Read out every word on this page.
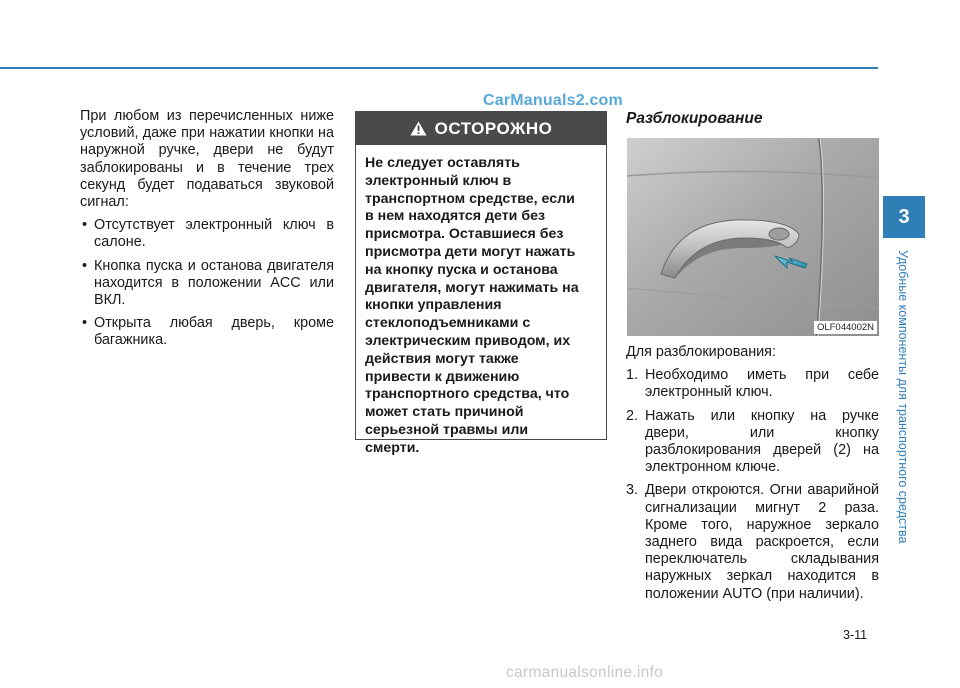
CarManuals2.com

При любом из перечисленных ниже условий, даже при нажатии кнопки на наружной ручке, двери не будут заблокированы и в течение трех секунд будет подаваться звуковой сигнал:

• Отсутствует электронный ключ в салоне.
• Кнопка пуска и останова двигателя находится в положении ACC или ВКЛ.
• Открыта любая дверь, кроме багажника.
ОСТОРОЖНО
Не следует оставлять
электронный ключ в
транспортном средстве, если
в нем находятся дети без
присмотра. Оставшиеся без
присмотра дети могут нажать
на кнопку пуска и останова
двигателя, могут нажимать на
кнопки управления
стеклоподъемниками с
электрическим приводом, их
действия могут также
привести к движению
транспортного средства, что
может стать причиной
серьезной травмы или
смерти.
Разблокирование
OLF044002N

Для разблокирования:

1. Необходимо иметь при себе электронный ключ.
2. Нажать или кнопку на ручке двери, или кнопку разблокирования дверей (2) на электронном ключе.
3. Двери откроются. Огни аварийной сигнализации мигнут 2 раза. Кроме того, наружное зеркало заднего вида раскроется, если переключатель складывания наружных зеркал находится в положении AUTO (при наличии).
3
Удобные компоненты для транспортного средства
3-11
carmanualsonline.info
